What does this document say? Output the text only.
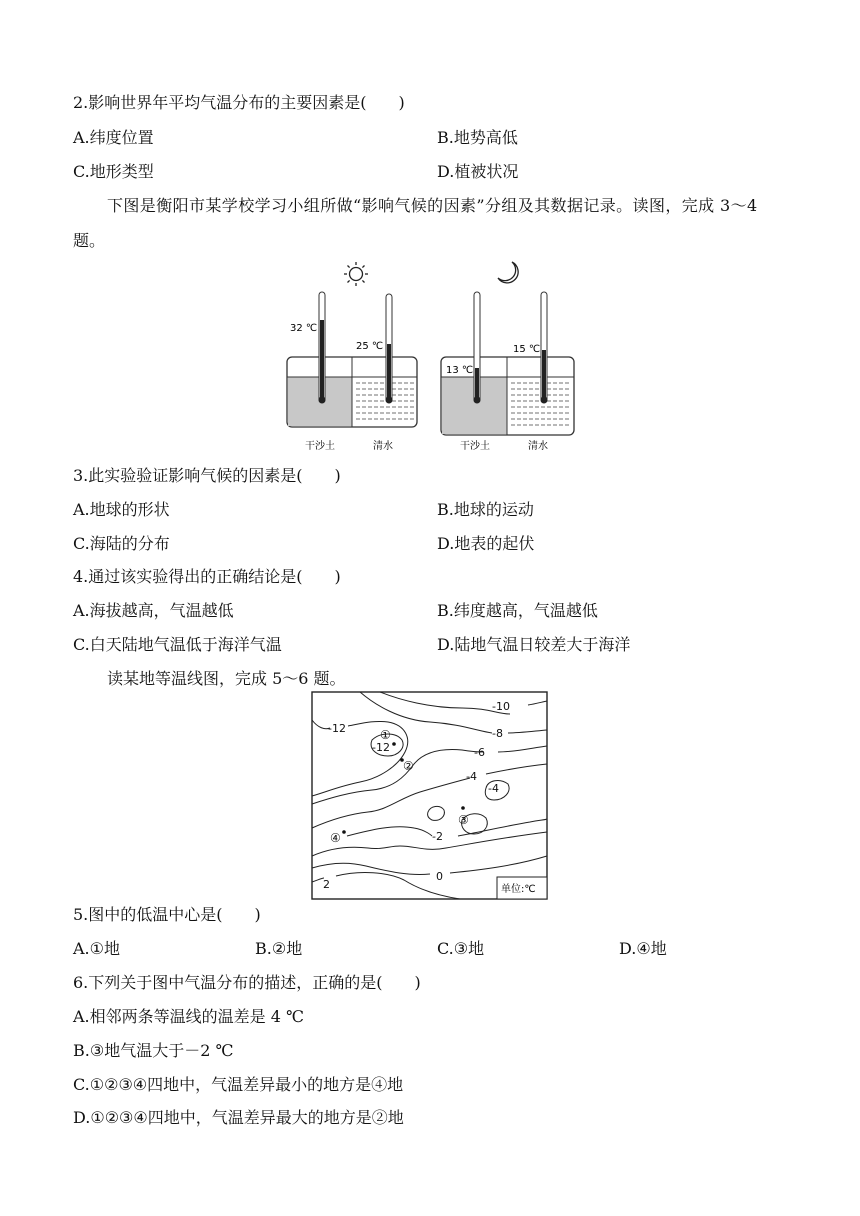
2.影响世界年平均气温分布的主要因素是(　　)
A.纬度位置	B.地势高低
C.地形类型	D.植被状况
下图是衡阳市某学校学习小组所做“影响气候的因素”分组及其数据记录。读图，完成 3～4
题。
32 ℃
25 ℃
干沙土	清水
13 ℃
15 ℃
干沙土	清水
3.此实验验证影响气候的因素是(　　)
A.地球的形状	B.地球的运动
C.海陆的分布	D.地表的起伏
4.通过该实验得出的正确结论是(　　)
A.海拔越高，气温越低	B.纬度越高，气温越低
C.白天陆地气温低于海洋气温	D.陆地气温日较差大于海洋
读某地等温线图，完成 5～6 题。
-10
-8
-6
-4
-4
-12
-12
-2
0
2
①
②
③
④
单位:℃
5.图中的低温中心是(　　)
A.①地	B.②地	C.③地	D.④地
6.下列关于图中气温分布的描述，正确的是(　　)
A.相邻两条等温线的温差是 4 ℃
B.③地气温大于－2 ℃
C.①②③④四地中，气温差异最小的地方是④地
D.①②③④四地中，气温差异最大的地方是②地
